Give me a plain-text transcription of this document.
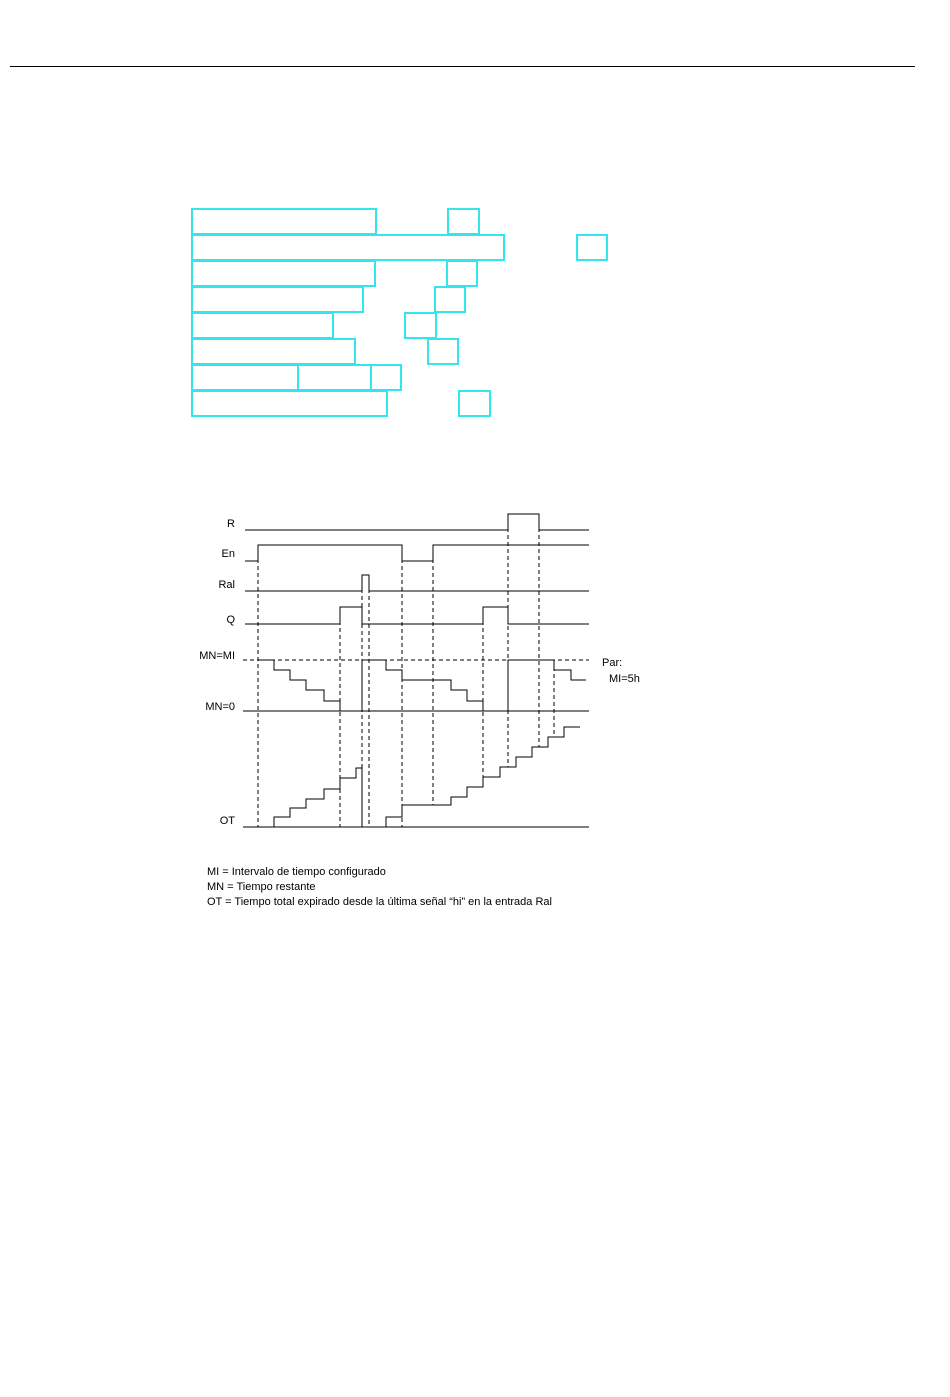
R
En
Ral
Q
MN=MI
MN=0
OT
Par:
MI=5h
MI = Intervalo de tiempo configurado
MN = Tiempo restante
OT = Tiempo total expirado desde la última señal “hi” en la entrada Ral
